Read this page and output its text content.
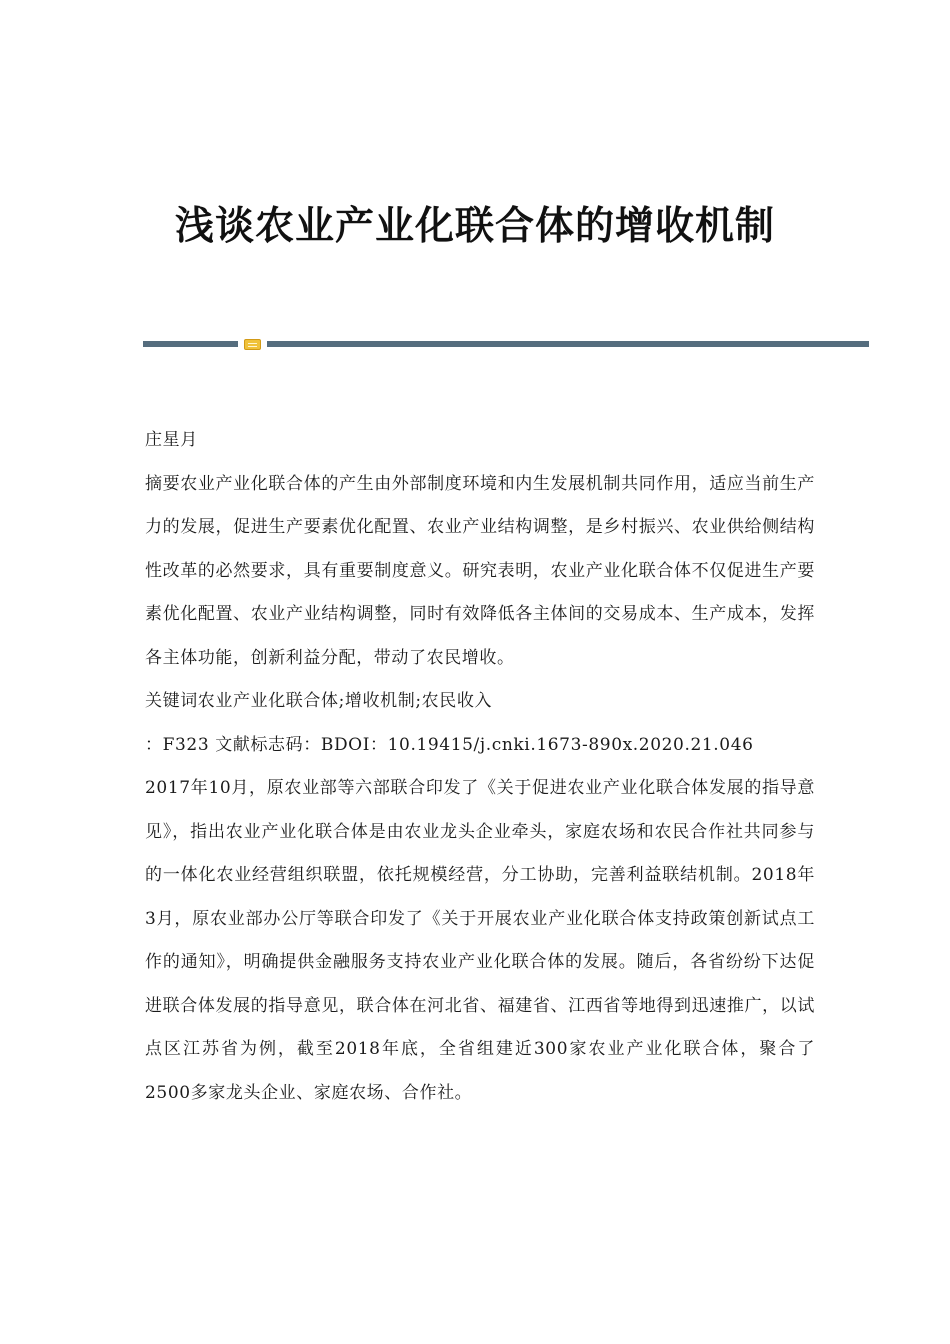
浅谈农业产业化联合体的增收机制

庄星月

摘要农业产业化联合体的产生由外部制度环境和内生发展机制共同作用，适应当前生产力的发展，促进生产要素优化配置、农业产业结构调整，是乡村振兴、农业供给侧结构性改革的必然要求，具有重要制度意义。研究表明，农业产业化联合体不仅促进生产要素优化配置、农业产业结构调整，同时有效降低各主体间的交易成本、生产成本，发挥各主体功能，创新利益分配，带动了农民增收。

关键词农业产业化联合体;增收机制;农民收入

：F323 文献标志码：BDOI：10.19415/j.cnki.1673-890x.2020.21.046

2017年10月，原农业部等六部联合印发了《关于促进农业产业化联合体发展的指导意见》，指出农业产业化联合体是由农业龙头企业牵头，家庭农场和农民合作社共同参与的一体化农业经营组织联盟，依托规模经营，分工协助，完善利益联结机制。2018年3月，原农业部办公厅等联合印发了《关于开展农业产业化联合体支持政策创新试点工作的通知》，明确提供金融服务支持农业产业化联合体的发展。随后，各省纷纷下达促进联合体发展的指导意见，联合体在河北省、福建省、江西省等地得到迅速推广，以试点区江苏省为例，截至2018年底，全省组建近300家农业产业化联合体，聚合了2500多家龙头企业、家庭农场、合作社。
